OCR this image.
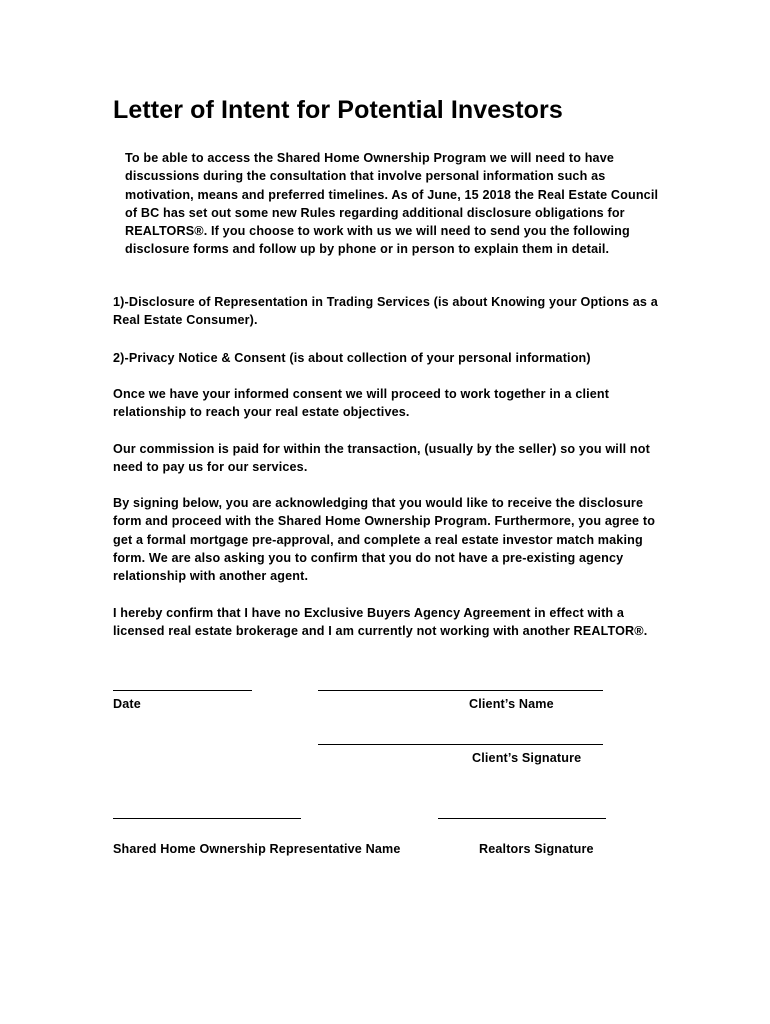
Letter of Intent for Potential Investors

To be able to access the Shared Home Ownership Program we will need to have discussions during the consultation that involve personal information such as motivation, means and preferred timelines. As of June, 15 2018 the Real Estate Council of BC has set out some new Rules regarding additional disclosure obligations for REALTORS®. If you choose to work with us we will need to send you the following disclosure forms and follow up by phone or in person to explain them in detail.

1)-Disclosure of Representation in Trading Services (is about Knowing your Options as a Real Estate Consumer).

2)-Privacy Notice & Consent (is about collection of your personal information)

Once we have your informed consent we will proceed to work together in a client relationship to reach your real estate objectives.

Our commission is paid for within the transaction, (usually by the seller) so you will not need to pay us for our services.

By signing below, you are acknowledging that you would like to receive the disclosure form and proceed with the Shared Home Ownership Program. Furthermore, you agree to get a formal mortgage pre-approval, and complete a real estate investor match making form. We are also asking you to confirm that you do not have a pre-existing agency relationship with another agent.

I hereby confirm that I have no Exclusive Buyers Agency Agreement in effect with a licensed real estate brokerage and I am currently not working with another REALTOR®.

Date	Client’s Name
Client’s Signature
Shared Home Ownership Representative Name	Realtors Signature
